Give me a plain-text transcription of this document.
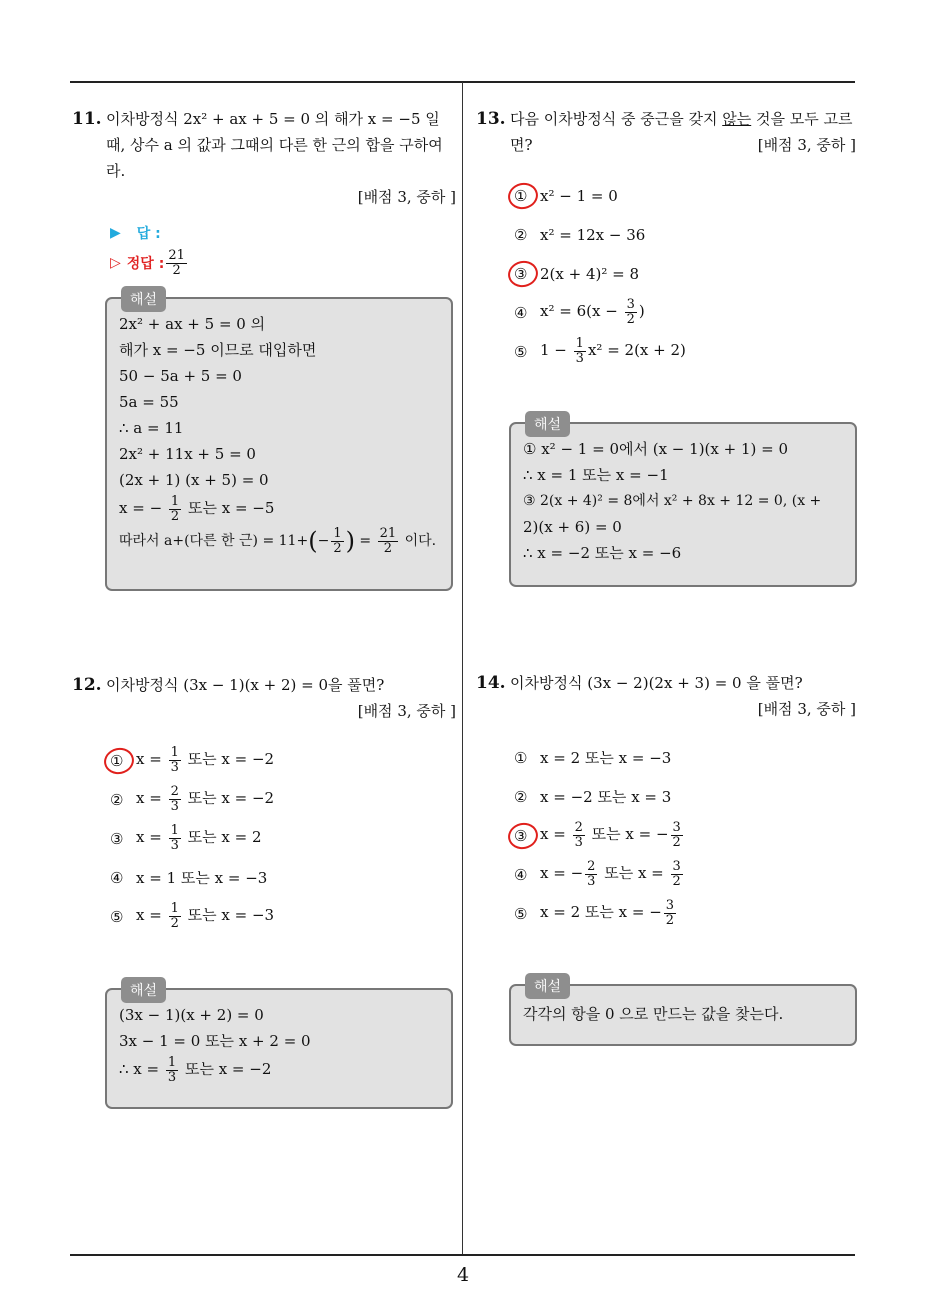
4
11. 이차방정식 2x² + ax + 5 = 0 의 해가 x = −5 일 때, 상수 a 의 값과 그때의 다른 한 근의 합을 구하여라.
[배점 3, 중하 ]
▶ 답 :
▷ 정답 : $\frac{21}{2}$
해설
2x² + ax + 5 = 0 의
해가 x = −5 이므로 대입하면
50 − 5a + 5 = 0
5a = 55
∴ a = 11
2x² + 11x + 5 = 0
(2x + 1) (x + 5) = 0
x = − $\frac{1}{2}$ 또는 x = −5
따라서 a+(다른 한 근) = $11+(- \frac{1}{2}$ ) = $\frac{21}{2}$ 이다.
12. 이차방정식 (3x − 1)(x + 2) = 0을 풀면?
[배점 3, 중하 ]
① $x = \frac{1}{3}$ 또는 x = −2
② $x = \frac{2}{3}$ 또는 x = −2
③ $x = \frac{1}{3}$ 또는 x = 2
④ x = 1 또는 x = −3
⑤ $x = \frac{1}{2}$ 또는 x = −3
해설
(3x − 1)(x + 2) = 0
3x − 1 = 0 또는 x + 2 = 0
∴ $x = \frac{1}{3}$ 또는 x = −2
13. 다음 이차방정식 중 중근을 갖지 않는 것을 모두 고르면?	[배점 3, 중하 ]
① x² − 1 = 0
② x² = 12x − 36
③ 2(x + 4)² = 8
④ $x^2 = 6(x - \frac{3}{2}$ )
⑤ $1 - \frac{1}{3} x^2 = 2(x + 2)$
해설
① x² − 1 = 0에서 (x − 1)(x + 1) = 0
∴ x = 1 또는 x = −1
③ 2(x + 4)² = 8에서 x² + 8x + 12 = 0, (x +
2)(x + 6) = 0
∴ x = −2 또는 x = −6
14. 이차방정식 (3x − 2)(2x + 3) = 0 을 풀면?
[배점 3, 중하 ]
① x = 2 또는 x = −3
② x = −2 또는 x = 3
③ $x = \frac{2}{3}$ 또는 x = − $\frac{3}{2}$
④ x = − $\frac{2}{3}$ 또는 $x = \frac{3}{2}$
⑤ x = 2 또는 x = − $\frac{3}{2}$
해설
각각의 항을 0 으로 만드는 값을 찾는다.
